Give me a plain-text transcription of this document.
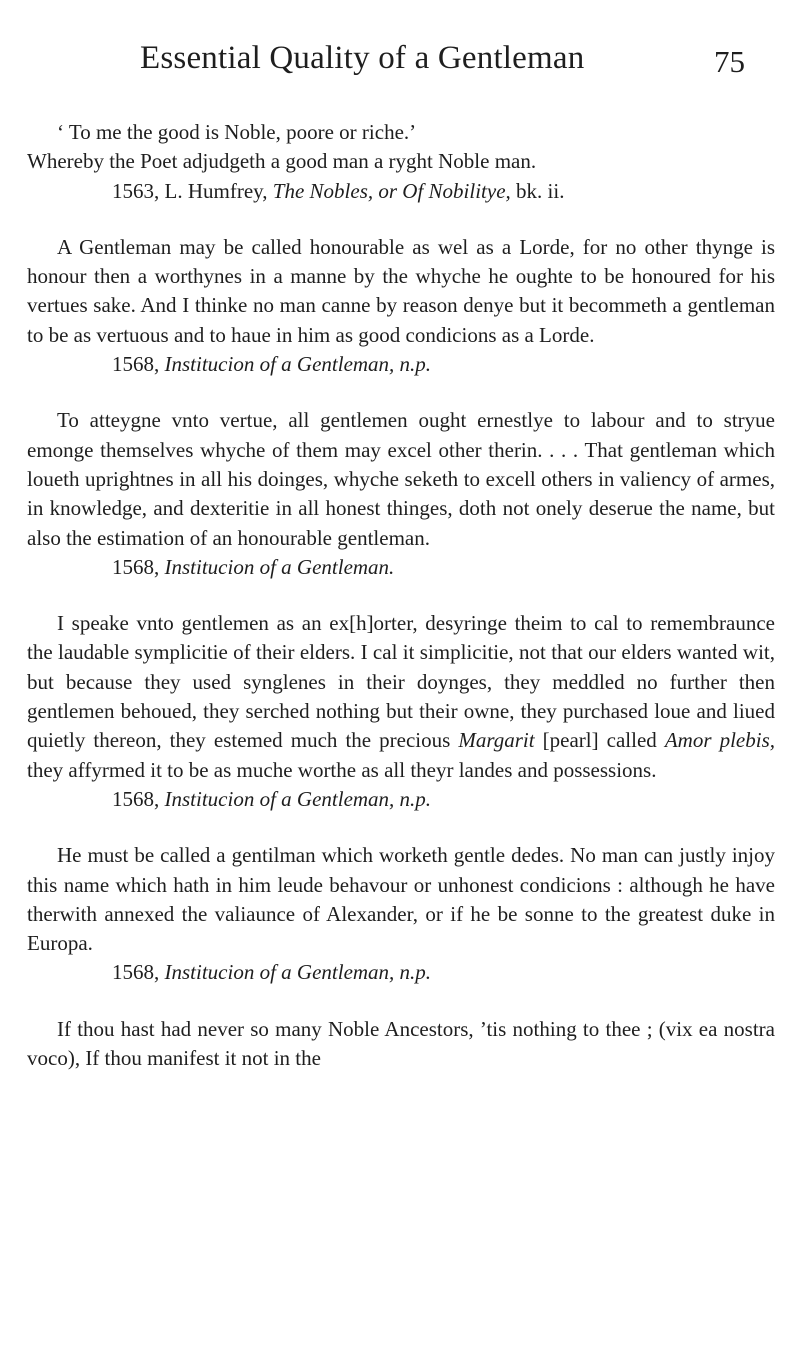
Essential Quality of a Gentleman	75

‘ To me the good is Noble, poore or riche.’

Whereby the Poet adjudgeth a good man a ryght Noble man.

1563, L. Humfrey, The Nobles, or Of Nobilitye, bk. ii.

A Gentleman may be called honourable as wel as a Lorde, for no other thynge is honour then a worthynes in a manne by the whyche he oughte to be honoured for his vertues sake. And I thinke no man canne by reason denye but it becommeth a gentleman to be as vertuous and to haue in him as good condicions as a Lorde.

1568, Institucion of a Gentleman, n.p.

To atteygne vnto vertue, all gentlemen ought ernestlye to labour and to stryue emonge themselves whyche of them may excel other therin. . . . That gentleman which loueth uprightnes in all his doinges, whyche seketh to excell others in valiency of armes, in knowledge, and dexteritie in all honest thinges, doth not onely deserue the name, but also the estimation of an honourable gentleman.

1568, Institucion of a Gentleman.

I speake vnto gentlemen as an ex[h]orter, desyringe theim to cal to remembraunce the laudable symplicitie of their elders. I cal it simplicitie, not that our elders wanted wit, but because they used synglenes in their doynges, they meddled no further then gentlemen behoued, they serched nothing but their owne, they purchased loue and liued quietly thereon, they estemed much the precious Margarit [pearl] called Amor plebis, they affyrmed it to be as muche worthe as all theyr landes and possessions.

1568, Institucion of a Gentleman, n.p.

He must be called a gentilman which worketh gentle dedes. No man can justly injoy this name which hath in him leude behavour or unhonest condicions : although he have therwith annexed the valiaunce of Alexander, or if he be sonne to the greatest duke in Europa.

1568, Institucion of a Gentleman, n.p.

If thou hast had never so many Noble Ancestors, ’tis nothing to thee ; (vix ea nostra voco), If thou manifest it not in the
